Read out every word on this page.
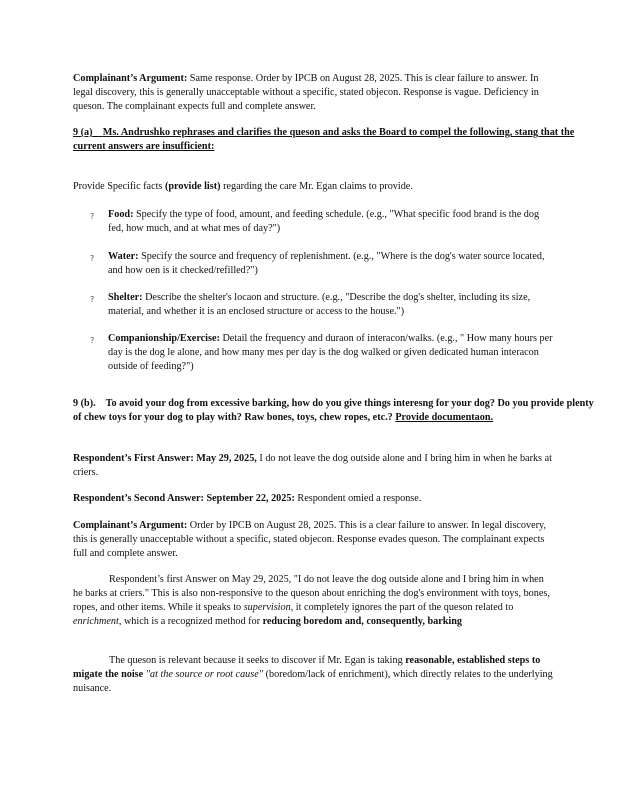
Complainant’s Argument: Same response. Order by IPCB on August 28, 2025. This is clear failure to answer. In legal discovery, this is generally unacceptable without a specific, stated objecon. Response is vague. Deficiency in queson. The complainant expects full and complete answer.

9 (a) Ms. Andrushko rephrases and clarifies the queson and asks the Board to compel the following, stang that the current answers are insufficient:

Provide Specific facts (provide list) regarding the care Mr. Egan claims to provide.

?	Food: Specify the type of food, amount, and feeding schedule. (e.g., "What specific food brand is the dog fed, how much, and at what mes of day?")

?	Water: Specify the source and frequency of replenishment. (e.g., "Where is the dog's water source located, and how oen is it checked/refilled?")

?	Shelter: Describe the shelter's locaon and structure. (e.g., "Describe the dog's shelter, including its size, material, and whether it is an enclosed structure or access to the house.")

?	Companionship/Exercise: Detail the frequency and duraon of interacon/walks. (e.g., " How many hours per day is the dog le alone, and how many mes per day is the dog walked or given dedicated human interacon outside of feeding?")

9 (b). To avoid your dog from excessive barking, how do you give things interesng for your dog? Do you provide plenty of chew toys for your dog to play with? Raw bones, toys, chew ropes, etc.? Provide documentaon.

Respondent’s First Answer: May 29, 2025, I do not leave the dog outside alone and I bring him in when he barks at criers.

Respondent’s Second Answer: September 22, 2025: Respondent omied a response.

Complainant’s Argument: Order by IPCB on August 28, 2025. This is a clear failure to answer. In legal discovery, this is generally unacceptable without a specific, stated objecon. Response evades queson. The complainant expects full and complete answer.

Respondent’s first Answer on May 29, 2025, "I do not leave the dog outside alone and I bring him in when he barks at criers." This is also non-responsive to the queson about enriching the dog's environment with toys, bones, ropes, and other items. While it speaks to supervision, it completely ignores the part of the queson related to enrichment, which is a recognized method for reducing boredom and, consequently, barking

The queson is relevant because it seeks to discover if Mr. Egan is taking reasonable, established steps to migate the noise "at the source or root cause" (boredom/lack of enrichment), which directly relates to the underlying nuisance.
